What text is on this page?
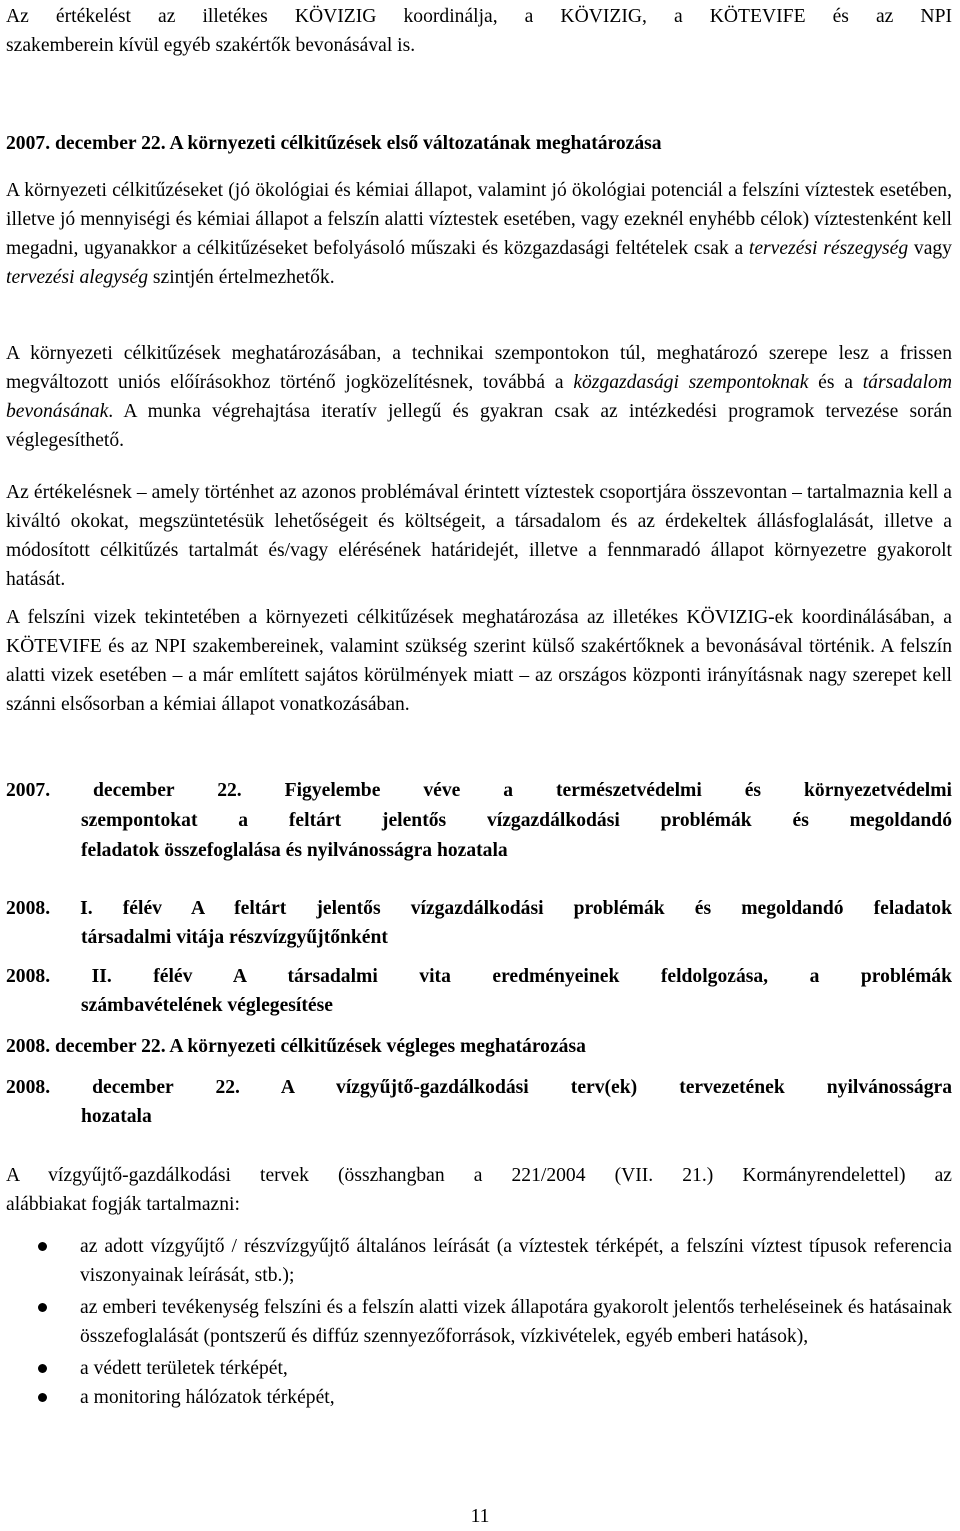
Az értékelést az illetékes KÖVIZIG koordinálja, a KÖVIZIG, a KÖTEVIFE és az NPI
szakemberein kívül egyéb szakértők bevonásával is.

2007. december 22. A környezeti célkitűzések első változatának meghatározása

A környezeti célkitűzéseket (jó ökológiai és kémiai állapot, valamint jó ökológiai potenciál a felszíni víztestek esetében, illetve jó mennyiségi és kémiai állapot a felszín alatti víztestek esetében, vagy ezeknél enyhébb célok) víztestenként kell megadni, ugyanakkor a célkitűzéseket befolyásoló műszaki és közgazdasági feltételek csak a tervezési részegység vagy tervezési alegység szintjén értelmezhetők.

A környezeti célkitűzések meghatározásában, a technikai szempontokon túl, meghatározó szerepe lesz a frissen megváltozott uniós előírásokhoz történő jogközelítésnek, továbbá a közgazdasági szempontoknak és a társadalom bevonásának. A munka végrehajtása iteratív jellegű és gyakran csak az intézkedési programok tervezése során véglegesíthető.

Az értékelésnek – amely történhet az azonos problémával érintett víztestek csoportjára összevontan – tartalmaznia kell a kiváltó okokat, megszüntetésük lehetőségeit és költségeit, a társadalom és az érdekeltek állásfoglalását, illetve a módosított célkitűzés tartalmát és/vagy elérésének határidejét, illetve a fennmaradó állapot környezetre gyakorolt hatását.

A felszíni vizek tekintetében a környezeti célkitűzések meghatározása az illetékes KÖVIZIG-ek koordinálásában, a KÖTEVIFE és az NPI szakembereinek, valamint szükség szerint külső szakértőknek a bevonásával történik. A felszín alatti vizek esetében – a már említett sajátos körülmények miatt – az országos központi irányításnak nagy szerepet kell szánni elsősorban a kémiai állapot vonatkozásában.

2007. december 22. Figyelembe véve a természetvédelmi és környezetvédelmi
szempontokat a feltárt jelentős vízgazdálkodási problémák és megoldandó
feladatok összefoglalása és nyilvánosságra hozatala
2008. I. félév A feltárt jelentős vízgazdálkodási problémák és megoldandó feladatok
társadalmi vitája részvízgyűjtőnként
2008. II. félév A társadalmi vita eredményeinek feldolgozása, a problémák
számbavételének véglegesítése
2008. december 22. A környezeti célkitűzések végleges meghatározása
2008. december 22. A vízgyűjtő-gazdálkodási terv(ek) tervezetének nyilvánosságra
hozatala

A vízgyűjtő-gazdálkodási tervek (összhangban a 221/2004 (VII. 21.) Kormányrendelettel) az
alábbiakat fogják tartalmazni:

az adott vízgyűjtő / részvízgyűjtő általános leírását (a víztestek térképét, a felszíni víztest típusok referencia viszonyainak leírását, stb.);
az emberi tevékenység felszíni és a felszín alatti vizek állapotára gyakorolt jelentős terheléseinek és hatásainak összefoglalását (pontszerű és diffúz szennyezőforrások, vízkivételek, egyéb emberi hatások),
a védett területek térképét,
a monitoring hálózatok térképét,
11
